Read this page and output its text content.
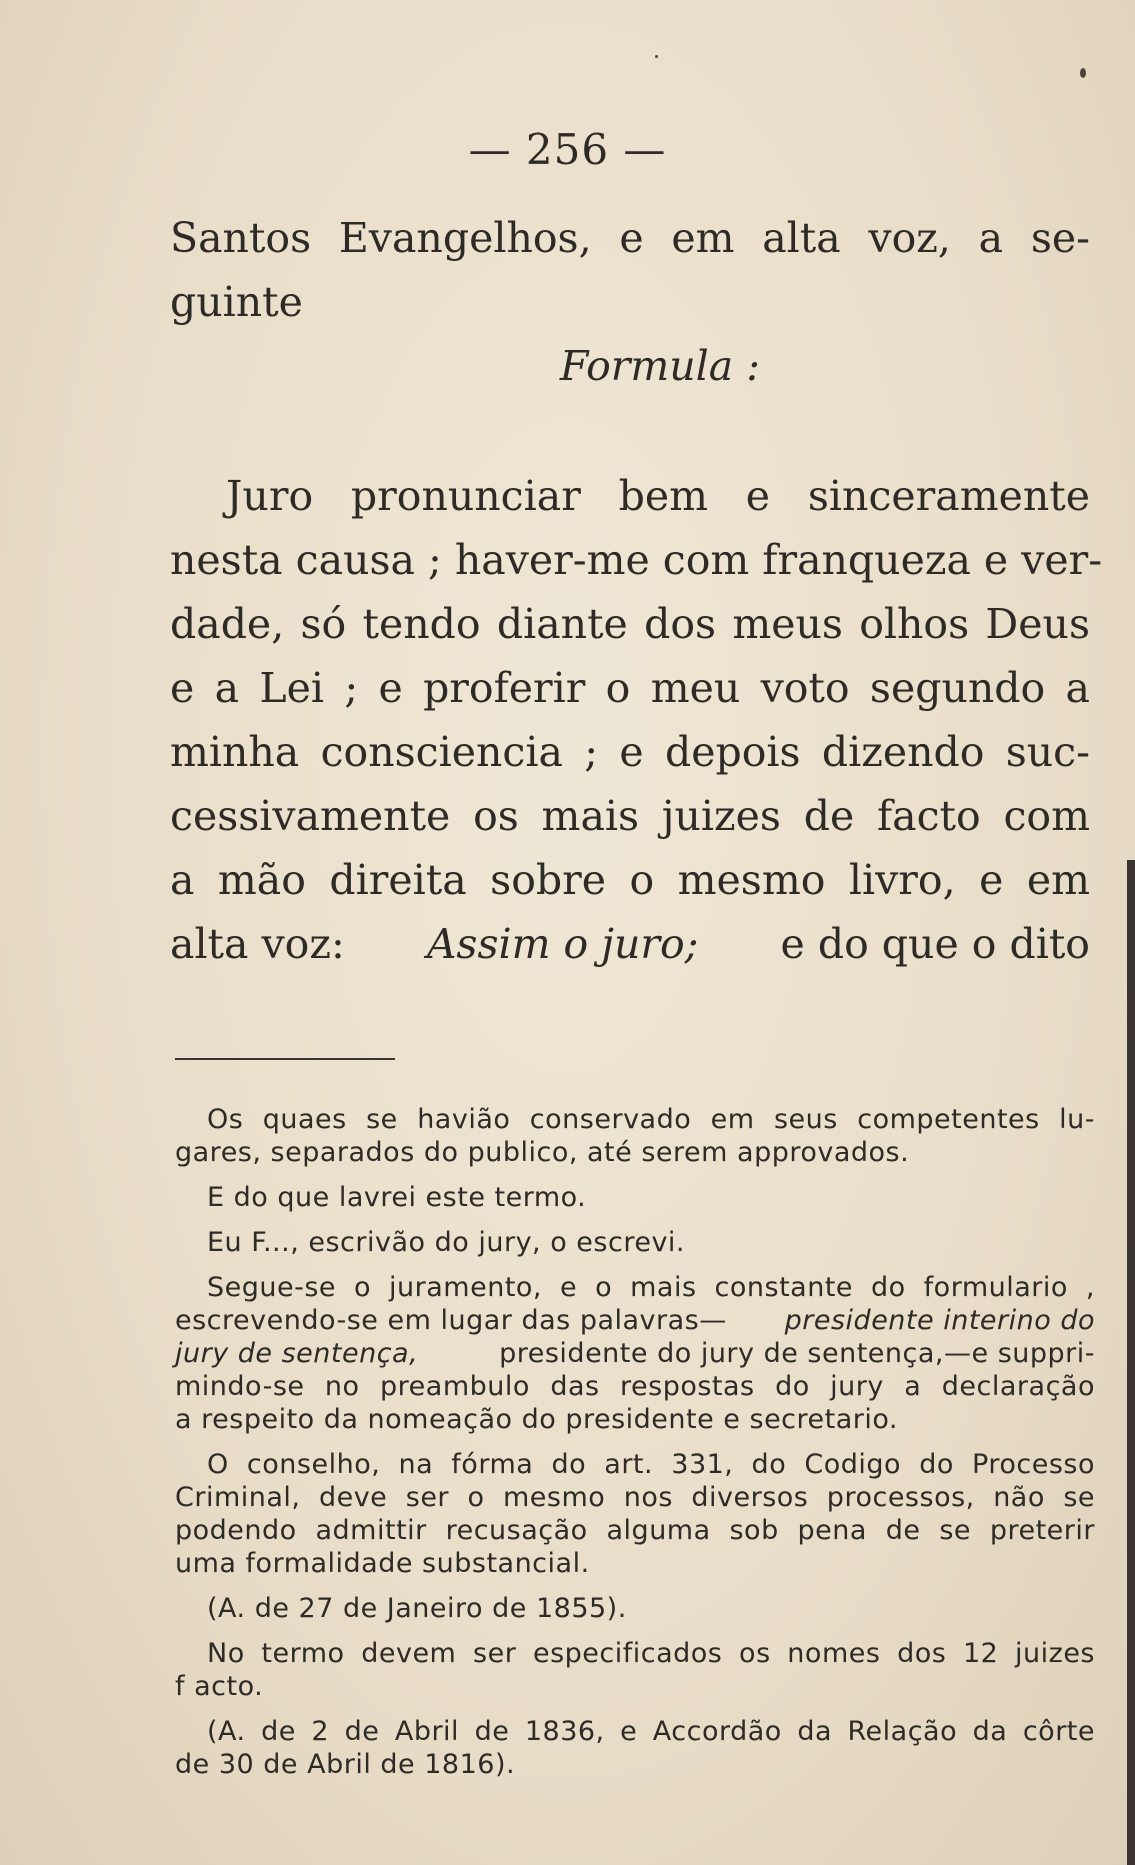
— 256 —
Santos Evangelhos, e em alta voz, a se-
guinte
Formula :
Juro pronunciar bem e sinceramente
nesta causa ; haver-me com franqueza e ver-
dade, só tendo diante dos meus olhos Deus
e a Lei ; e proferir o meu voto segundo a
minha consciencia ; e depois dizendo suc-
cessivamente os mais juizes de facto com
a mão direita sobre o mesmo livro, e em
alta voz: Assim o juro; e do que o dito
Os quaes se havião conservado em seus competentes lu-
gares, separados do publico, até serem approvados.
E do que lavrei este termo.
Eu F..., escrivão do jury, o escrevi.
Segue-se o juramento, e o mais constante do formulario ,
escrevendo-se em lugar das palavras— presidente interino do
jury de sentença,	presidente do jury de sentença,—e suppri-
mindo-se no preambulo das respostas do jury a declaração
a respeito da nomeação do presidente e secretario.
O conselho, na fórma do art. 331, do Codigo do Processo
Criminal, deve ser o mesmo nos diversos processos, não se
podendo admittir recusação alguma sob pena de se preterir
uma formalidade substancial.
(A. de 27 de Janeiro de 1855).
No termo devem ser especificados os nomes dos 12 juizes
f acto.
(A. de 2 de Abril de 1836, e Accordão da Relação da côrte
de 30 de Abril de 1816).
